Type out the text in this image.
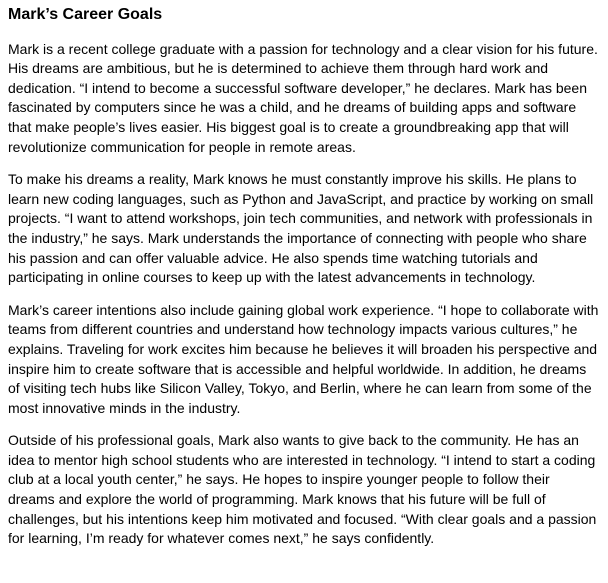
Mark’s Career Goals

Mark is a recent college graduate with a passion for technology and a clear vision for his future. His dreams are ambitious, but he is determined to achieve them through hard work and dedication. “I intend to become a successful software developer,” he declares. Mark has been fascinated by computers since he was a child, and he dreams of building apps and software that make people’s lives easier. His biggest goal is to create a groundbreaking app that will revolutionize communication for people in remote areas.

To make his dreams a reality, Mark knows he must constantly improve his skills. He plans to learn new coding languages, such as Python and JavaScript, and practice by working on small projects. “I want to attend workshops, join tech communities, and network with professionals in the industry,” he says. Mark understands the importance of connecting with people who share his passion and can offer valuable advice. He also spends time watching tutorials and participating in online courses to keep up with the latest advancements in technology.

Mark’s career intentions also include gaining global work experience. “I hope to collaborate with teams from different countries and understand how technology impacts various cultures,” he explains. Traveling for work excites him because he believes it will broaden his perspective and inspire him to create software that is accessible and helpful worldwide. In addition, he dreams of visiting tech hubs like Silicon Valley, Tokyo, and Berlin, where he can learn from some of the most innovative minds in the industry.

Outside of his professional goals, Mark also wants to give back to the community. He has an idea to mentor high school students who are interested in technology. “I intend to start a coding club at a local youth center,” he says. He hopes to inspire younger people to follow their dreams and explore the world of programming. Mark knows that his future will be full of challenges, but his intentions keep him motivated and focused. “With clear goals and a passion for learning, I’m ready for whatever comes next,” he says confidently.
